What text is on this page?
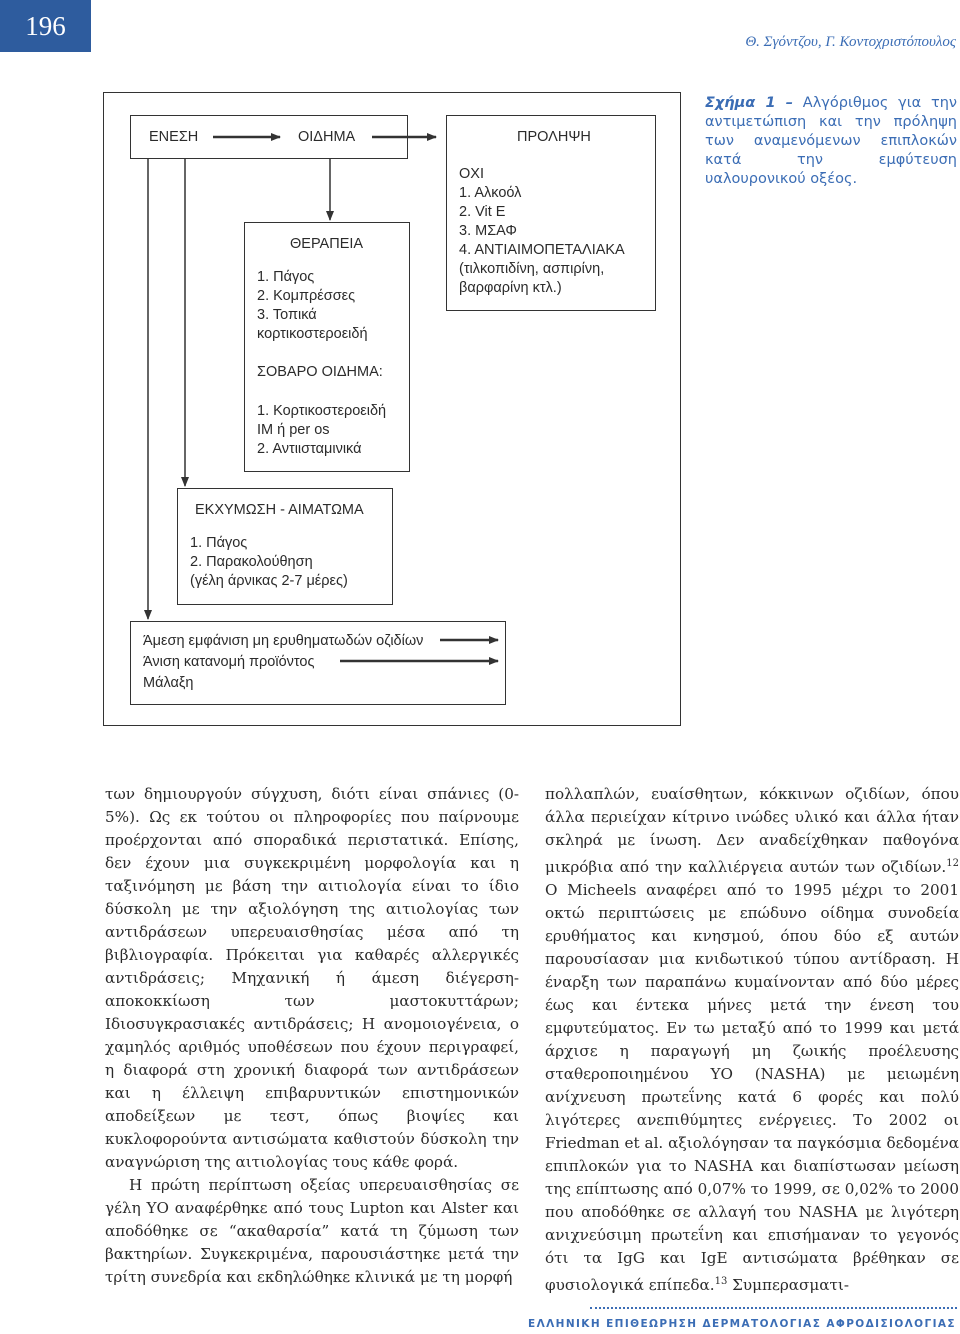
196
Θ. Σγόντζου, Γ. Κοντοχριστόπουλος
Σχήμα 1 – Αλγόριθμος για την αντιμετώπιση και την πρόληψη των αναμενόμενων επιπλοκών κατά την εμφύτευση υαλουρονικού οξέος.
ΕΝΕΣΗ	ΟΙΔΗΜΑ	ΠΡΟΛΗΨΗ
ΟΧΙ
1. Αλκοόλ
2. Vit E
3. ΜΣΑΦ
4. ΑΝΤΙΑΙΜΟΠΕΤΑΛΙΑΚΑ
(τιλκοπιδίνη, ασπιρίνη,
βαρφαρίνη κτλ.)
ΘΕΡΑΠΕΙΑ
1. Πάγος
2. Κομπρέσσες
3. Τοπικά
κορτικοστεροειδή
ΣΟΒΑΡΟ ΟΙΔΗΜΑ:
1. Κορτικοστεροειδή
ΙΜ ή per os
2. Αντιισταμινικά
ΕΚΧΥΜΩΣΗ - ΑΙΜΑΤΩΜΑ
1. Πάγος
2. Παρακολούθηση
(γέλη άρνικας 2-7 μέρες)
Άμεση εμφάνιση μη ερυθηματωδών οζιδίων
Άνιση κατανομή προϊόντος
Μάλαξη

των δημιουργούν σύγχυση, διότι είναι σπάνιες (0-5%). Ως εκ τούτου οι πληροφορίες που παίρνουμε προέρχονται από σποραδικά περιστατικά. Επίσης, δεν έχουν μια συγκεκριμένη μορφολογία και η ταξινόμηση με βάση την αιτιολογία είναι το ίδιο δύσκολη με την αξιολόγηση της αιτιολογίας των αντιδράσεων υπερευαισθησίας μέσα από τη βιβλιογραφία. Πρόκειται για καθαρές αλλεργικές αντιδράσεις; Μηχανική ή άμεση διέγερση-αποκοκκίωση των μαστοκυττάρων; Ιδιοσυγκρασιακές αντιδράσεις; Η ανομοιογένεια, ο χαμηλός αριθμός υποθέσεων που έχουν περιγραφεί, η διαφορά στη χρονική διαφορά των αντιδράσεων και η έλλειψη επιβαρυντικών επιστημονικών αποδείξεων με τεστ, όπως βιοψίες και κυκλοφορούντα αντισώματα καθιστούν δύσκολη την αναγνώριση της αιτιολογίας τους κάθε φορά.

Η πρώτη περίπτωση οξείας υπερευαισθησίας σε γέλη ΥΟ αναφέρθηκε από τους Lupton και Alster και αποδόθηκε σε “ακαθαρσία” κατά τη ζύμωση των βακτηρίων. Συγκεκριμένα, παρουσιάστηκε μετά την τρίτη συνεδρία και εκδηλώθηκε κλινικά με τη μορφή

πολλαπλών, ευαίσθητων, κόκκινων οζιδίων, όπου άλλα περιείχαν κίτρινο ινώδες υλικό και άλλα ήταν σκληρά με ίνωση. Δεν αναδείχθηκαν παθογόνα μικρόβια από την καλλιέργεια αυτών των οζιδίων.$^{12}$ Ο Micheels αναφέρει από το 1995 μέχρι το 2001 οκτώ περιπτώσεις με επώδυνο οίδημα συνοδεία ερυθήματος και κνησμού, όπου δύο εξ αυτών παρουσίασαν μια κνιδωτικού τύπου αντίδραση. Η έναρξη των παραπάνω κυμαίνονταν από δύο μέρες έως και έντεκα μήνες μετά την ένεση του εμφυτεύματος. Εν τω μεταξύ από το 1999 και μετά άρχισε η παραγωγή μη ζωικής προέλευσης σταθεροποιημένου ΥΟ (NASHA) με μειωμένη ανίχνευση πρωτεΐνης κατά 6 φορές και πολύ λιγότερες ανεπιθύμητες ενέργειες. Το 2002 οι Friedman et al. αξιολόγησαν τα παγκόσμια δεδομένα επιπλοκών για το NASHA και διαπίστωσαν μείωση της επίπτωσης από 0,07% το 1999, σε 0,02% το 2000 που αποδόθηκε σε αλλαγή του NASHA με λιγότερη ανιχνεύσιμη πρωτεΐνη και επισήμαναν το γεγονός ότι τα IgG και IgE αντισώματα βρέθηκαν σε φυσιολογικά επίπεδα.$^{13}$ Συμπερασματι-

ΕΛΛΗΝΙΚΗ ΕΠΙΘΕΩΡΗΣΗ ΔΕΡΜΑΤΟΛΟΓΙΑΣ ΑΦΡΟΔΙΣΙΟΛΟΓΙΑΣ
